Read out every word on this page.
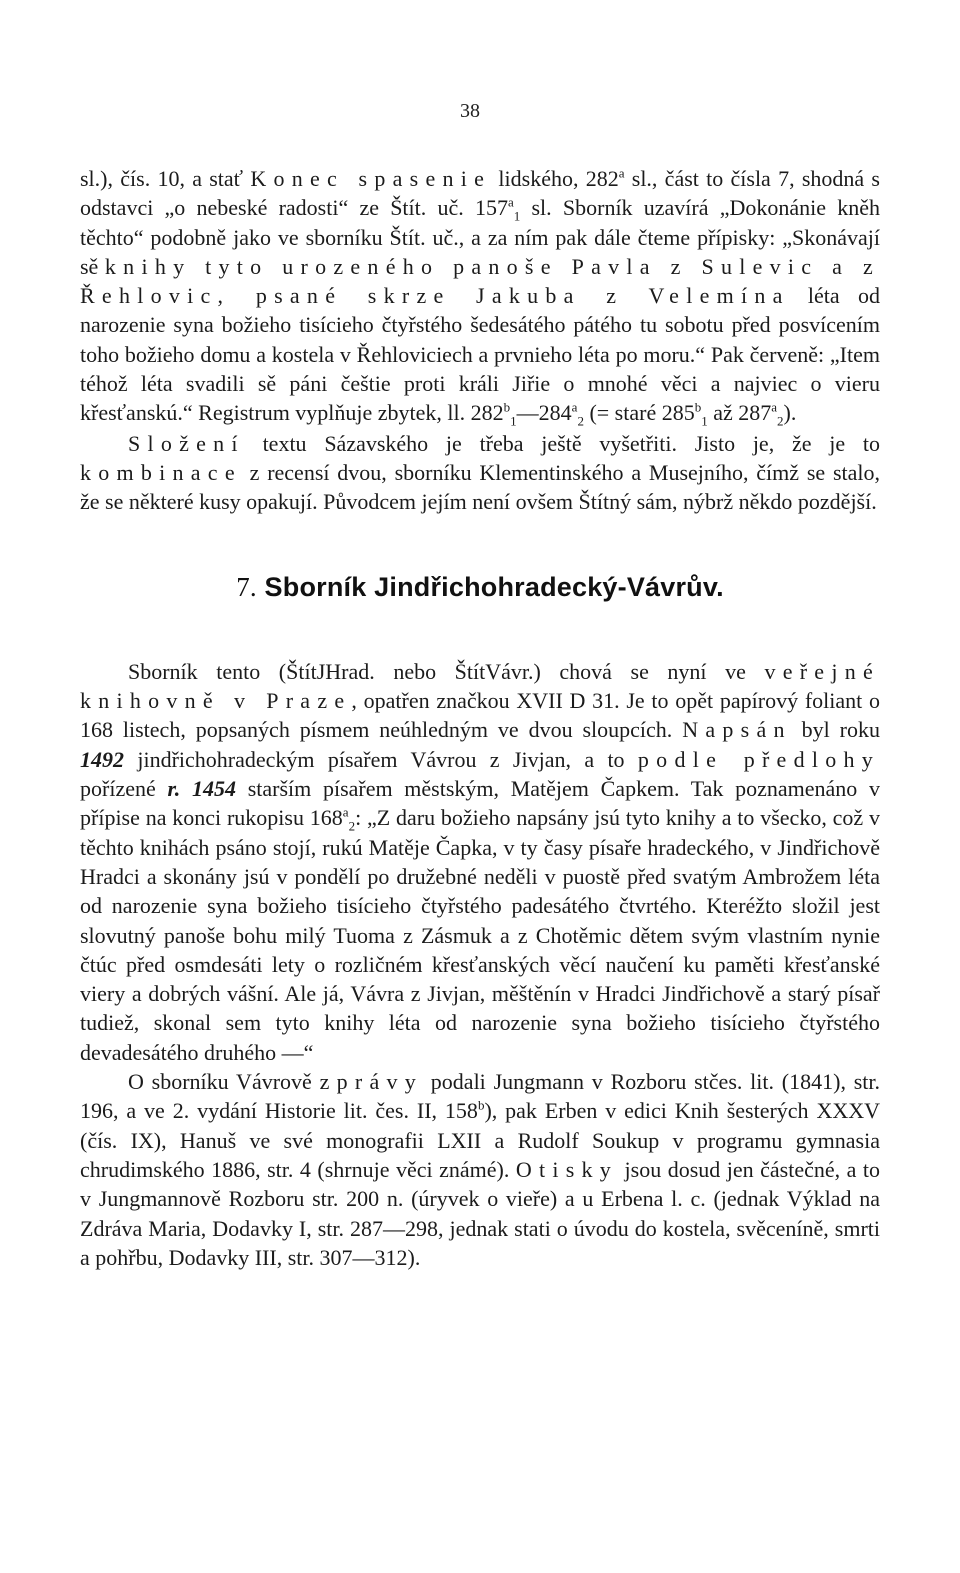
38

sl.), čís. 10, a stať Konec spasenie lidského, 282$^a$ sl., část to čísla 7, shodná s odstavci „o nebeské radosti“ ze Štít. uč. $157^a_1$ sl. Sborník uzavírá „Dokonánie kněh těchto“ podobně jako ve sborníku Štít. uč., a za ním pak dále čteme přípisky: „Skonávají sě knihy tyto urozeného panoše Pavla z Sulevic a z Řehlovic, psané skrze Jakuba z Velemína léta od narozenie syna božieho tisícieho čtyřstého šedesátého pátého tu sobotu před posvícením toho božieho domu a kostela v Řehloviciech a prvnieho léta po moru.“ Pak červeně: „Item téhož léta svadili sě páni češtie proti králi Jiřie o mnohé věci a najviec o vieru křesťanskú.“ Registrum vyplňuje zbytek, ll. $282^b_1—284^a_2$ (= staré $285^b_1$ až $287^a_2$).

Složení textu Sázavského je třeba ještě vyšetřiti. Jisto je, že je to kombinace z recensí dvou, sborníku Klementinského a Musejního, čímž se stalo, že se některé kusy opakují. Původcem jejím není ovšem Štítný sám, nýbrž někdo pozdější.

7. Sborník Jindřichohradecký-Vávrův.

Sborník tento (ŠtítJHrad. nebo ŠtítVávr.) chová se nyní ve veřejné knihovně v Praze, opatřen značkou XVII D 31. Je to opět papírový foliant o 168 listech, popsaných písmem neúhledným ve dvou sloupcích. Napsán byl roku 1492 jindřichohradeckým písařem Vávrou z Jivjan, a to podle předlohy pořízené r. 1454 starším písařem městským, Matějem Čapkem. Tak poznamenáno v přípise na konci rukopisu $168^a_2$: „Z daru božieho napsány jsú tyto knihy a to všecko, což v těchto knihách psáno stojí, rukú Matěje Čapka, v ty časy písaře hradeckého, v Jindřichově Hradci a skonány jsú v pondělí po družebné neděli v puostě před svatým Ambrožem léta od narozenie syna božieho tisícieho čtyřstého padesátého čtvrtého. Kteréžto složil jest slovutný panoše bohu milý Tuoma z Zásmuk a z Chotěmic dětem svým vlastním nynie čtúc před osmdesáti lety o rozličném křesťanských věcí naučení ku paměti křesťanské viery a dobrých vášní. Ale já, Vávra z Jivjan, měštěnín v Hradci Jindřichově a starý písař tudiež, skonal sem tyto knihy léta od narozenie syna božieho tisícieho čtyřstého devadesátého druhého —“

O sborníku Vávrově zprávy podali Jungmann v Rozboru stčes. lit. (1841), str. 196, a ve 2. vydání Historie lit. čes. II, 158$^b$), pak Erben v edici Knih šesterých XXXV (čís. IX), Hanuš ve své monografii LXII a Rudolf Soukup v programu gymnasia chrudimského 1886, str. 4 (shrnuje věci známé). Otisky jsou dosud jen částečné, a to v Jungmannově Rozboru str. 200 n. (úryvek o vieře) a u Erbena l. c. (jednak Výklad na Zdráva Maria, Dodavky I, str. 287—298, jednak stati o úvodu do kostela, svěceníně, smrti a pohřbu, Dodavky III, str. 307—312).
